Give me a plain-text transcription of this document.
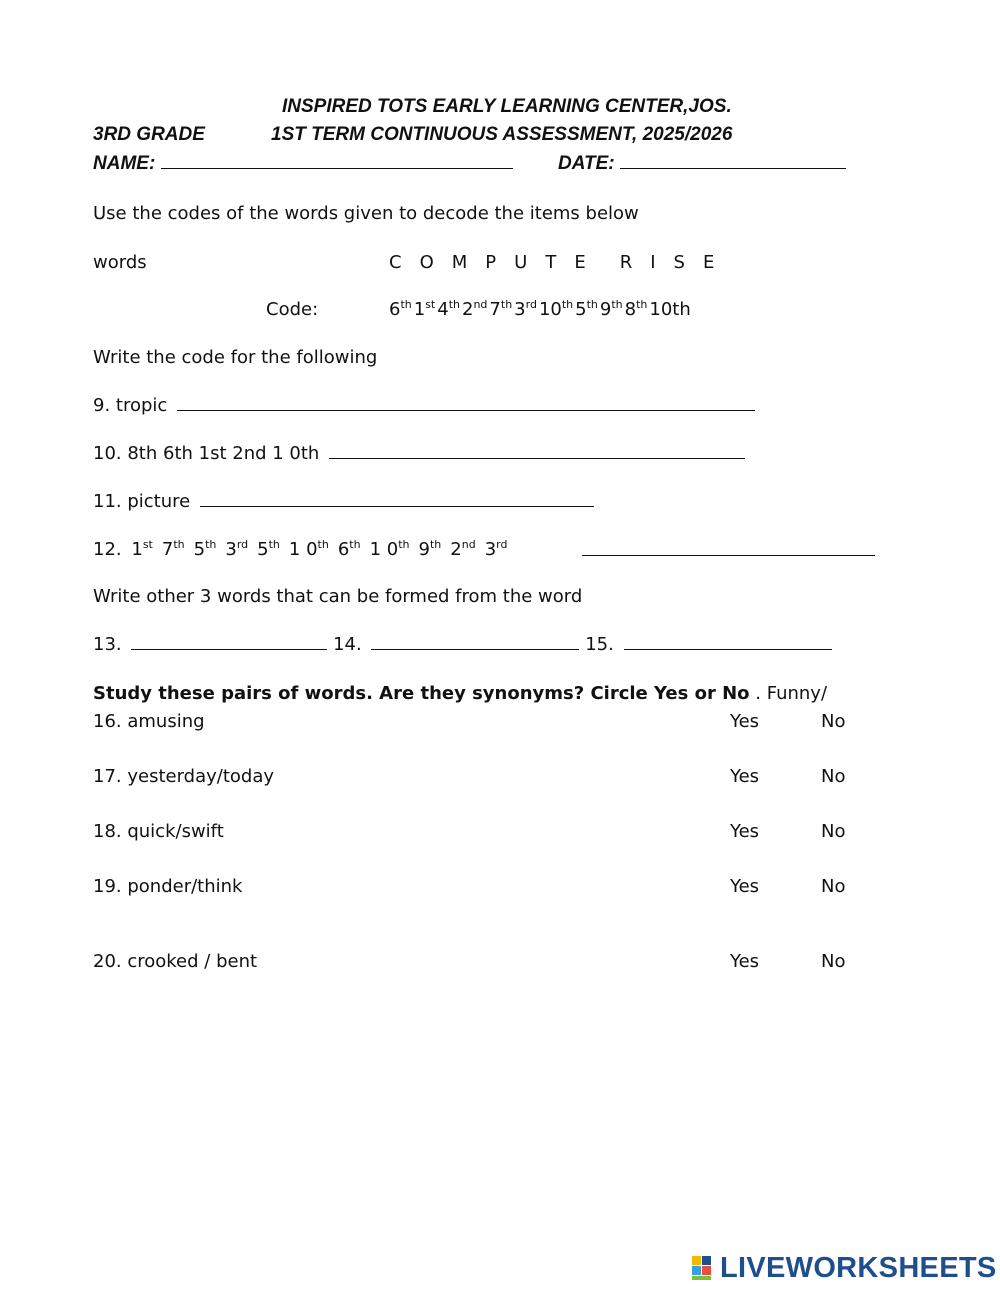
INSPIRED TOTS EARLY LEARNING CENTER,JOS.
3RD GRADE	1ST TERM CONTINUOUS ASSESSMENT, 2025/2026
NAME:	DATE:
Use the codes of the words given to decode the items below
words	C O M P U T E R I S E
Code:	6th 1st 4th 2nd 7th 3rd 10th 5th 9th 8th 10th
Write the code for the following
9. tropic
10. 8th 6th 1st 2nd 1 0th
11. picture
12. 1st 7th 5th 3rd 5th 1 0th 6th 1 0th 9th 2nd 3rd
Write other 3 words that can be formed from the word
13.	14.	15.
Study these pairs of words. Are they synonyms? Circle Yes or No . Funny/
16. amusing	Yes	No
17. yesterday/today	Yes	No
18. quick/swift	Yes	No
19. ponder/think	Yes	No
20. crooked / bent	Yes	No
LIVEWORKSHEETS
